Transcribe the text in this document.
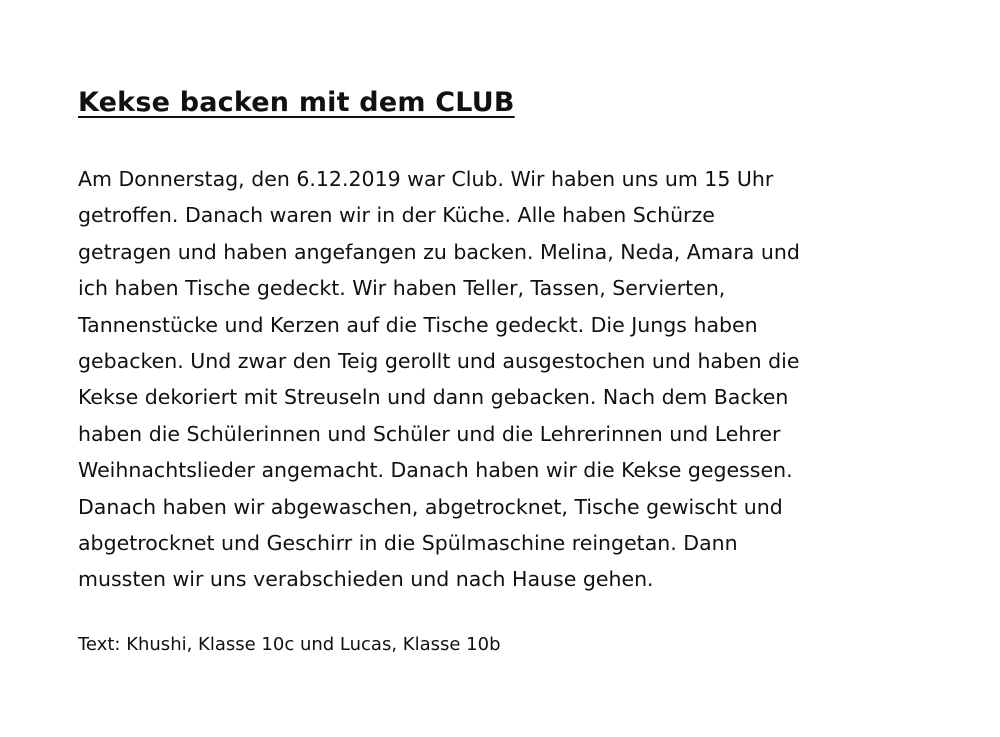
Kekse backen mit dem CLUB
Am Donnerstag, den 6.12.2019 war Club. Wir haben uns um 15 Uhr
getroffen. Danach waren wir in der Küche. Alle haben Schürze
getragen und haben angefangen zu backen. Melina, Neda, Amara und
ich haben Tische gedeckt. Wir haben Teller, Tassen, Servierten,
Tannenstücke und Kerzen auf die Tische gedeckt. Die Jungs haben
gebacken. Und zwar den Teig gerollt und ausgestochen und haben die
Kekse dekoriert mit Streuseln und dann gebacken. Nach dem Backen
haben die Schülerinnen und Schüler und die Lehrerinnen und Lehrer
Weihnachtslieder angemacht. Danach haben wir die Kekse gegessen.
Danach haben wir abgewaschen, abgetrocknet, Tische gewischt und
abgetrocknet und Geschirr in die Spülmaschine reingetan. Dann
mussten wir uns verabschieden und nach Hause gehen.

Text: Khushi, Klasse 10c und Lucas, Klasse 10b
